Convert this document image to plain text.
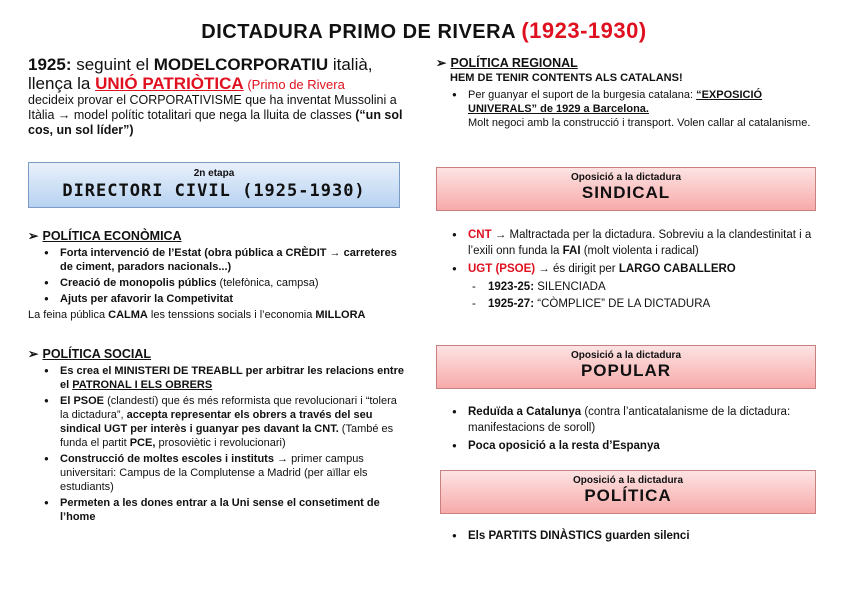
DICTADURA PRIMO DE RIVERA (1923-1930)
1925: seguint el MODELCORPORATIU italià, llença la UNIÓ PATRIÒTICA (Primo de Rivera
decideix provar el CORPORATIVISME que ha inventat Mussolini a Itàlia → model polític totalitari que nega la lluita de classes (“un sol cos, un sol líder”)
2n etapa
DIRECTORI CIVIL (1925-1930)
➢ POLÍTICA ECONÒMICA
● Forta intervenció de l’Estat (obra pública a CRÈDIT → carreteres de ciment, paradors nacionals...)
● Creació de monopolis públics (telefònica, campsa)
● Ajuts per afavorir la Competivitat
La feina pública CALMA les tenssions socials i l’economia MILLORA
➢ POLÍTICA SOCIAL
● Es crea el MINISTERI DE TREABLL per arbitrar les relacions entre el PATRONAL I ELS OBRERS
● El PSOE (clandestí) que és més reformista que revolucionari i “tolera la dictadura”, accepta representar els obrers a través del seu sindical UGT per interès i guanyar pes davant la CNT. (També es funda el partit PCE, prosoviètic i revolucionari)
● Construcció de moltes escoles i instituts → primer campus universitari: Campus de la Complutense a Madrid (per aïllar els estudiants)
● Permeten a les dones entrar a la Uni sense el consetiment de l’home
➢ POLÍTICA REGIONAL
HEM DE TENIR CONTENTS ALS CATALANS!
● Per guanyar el suport de la burgesia catalana: “EXPOSICIÓ UNIVERALS” de 1929 a Barcelona.
Molt negoci amb la construcció i transport. Volen callar al catalanisme.
Oposició a la dictadura
SINDICAL
● CNT → Maltractada per la dictadura. Sobreviu a la clandestinitat i a l’exili onn funda la FAI (molt violenta i radical)
● UGT (PSOE) → és dirigit per LARGO CABALLERO
- 1923-25: SILENCIADA
- 1925-27: “CÒMPLICE” DE LA DICTADURA
Oposició a la dictadura
POPULAR
● Reduïda a Catalunya (contra l’anticatalanisme de la dictadura: manifestacions de soroll)
● Poca oposició a la resta d’Espanya
Oposició a la dictadura
POLÍTICA
● Els PARTITS DINÀSTICS guarden silenci
